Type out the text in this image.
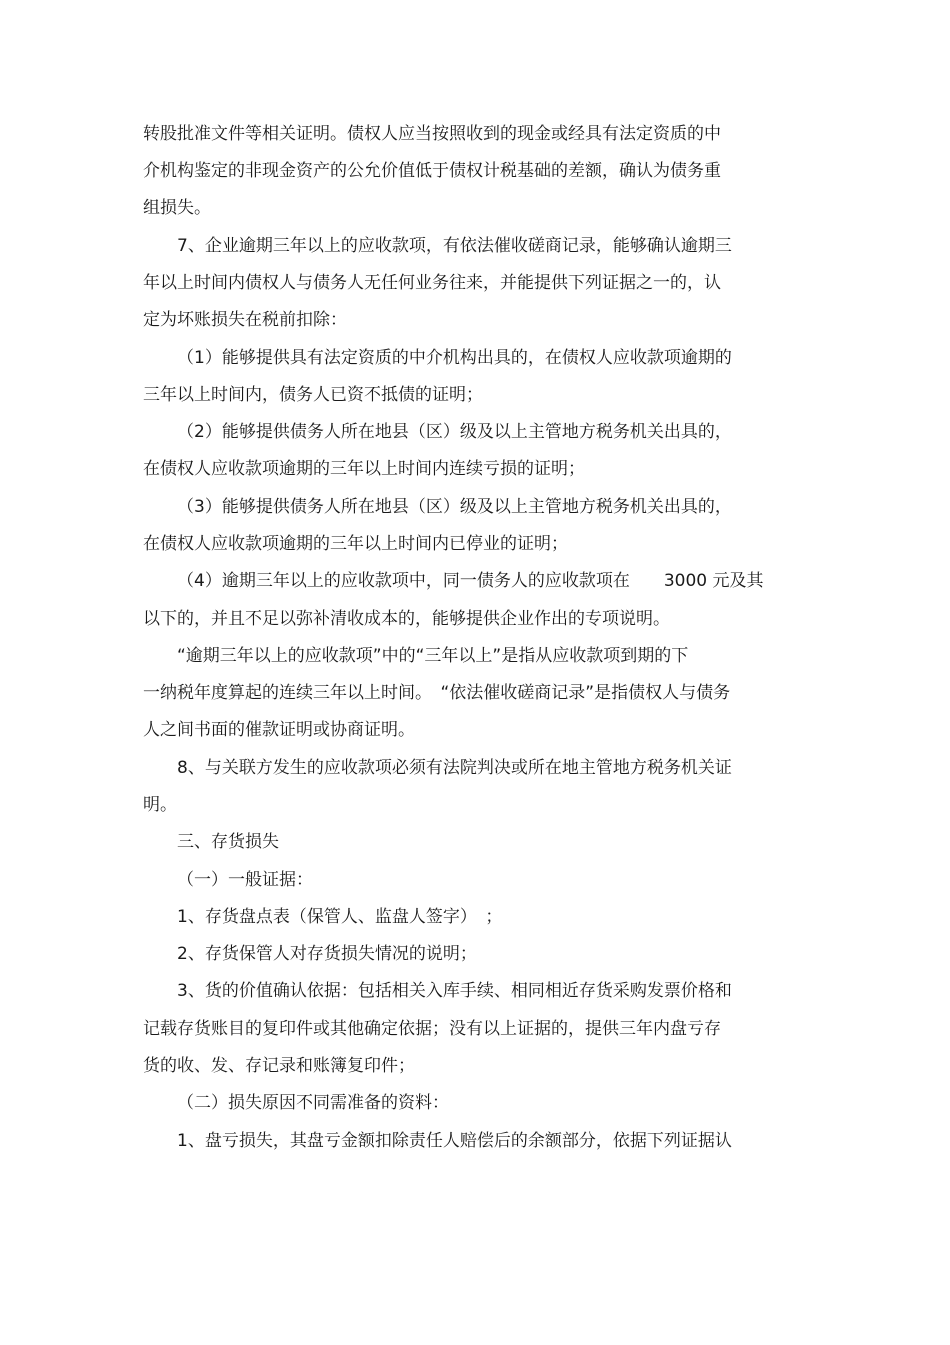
转股批准文件等相关证明。债权人应当按照收到的现金或经具有法定资质的中
介机构鉴定的非现金资产的公允价值低于债权计税基础的差额，确认为债务重
组损失。
7、企业逾期三年以上的应收款项，有依法催收磋商记录，能够确认逾期三
年以上时间内债权人与债务人无任何业务往来，并能提供下列证据之一的，认
定为坏账损失在税前扣除：
（1）能够提供具有法定资质的中介机构出具的，在债权人应收款项逾期的
三年以上时间内，债务人已资不抵债的证明；
（2）能够提供债务人所在地县（区）级及以上主管地方税务机关出具的，
在债权人应收款项逾期的三年以上时间内连续亏损的证明；
（3）能够提供债务人所在地县（区）级及以上主管地方税务机关出具的，
在债权人应收款项逾期的三年以上时间内已停业的证明；
（4）逾期三年以上的应收款项中，同一债务人的应收款项在　　3000 元及其
以下的，并且不足以弥补清收成本的，能够提供企业作出的专项说明。
“逾期三年以上的应收款项”中的“三年以上”是指从应收款项到期的下
一纳税年度算起的连续三年以上时间。　“依法催收磋商记录”是指债权人与债务
人之间书面的催款证明或协商证明。
8、与关联方发生的应收款项必须有法院判决或所在地主管地方税务机关证
明。
三、存货损失
（一）一般证据：
1、存货盘点表（保管人、监盘人签字）　；
2、存货保管人对存货损失情况的说明；
3、货的价值确认依据：包括相关入库手续、相同相近存货采购发票价格和
记载存货账目的复印件或其他确定依据；没有以上证据的，提供三年内盘亏存
货的收、发、存记录和账簿复印件；
（二）损失原因不同需准备的资料：
1、盘亏损失，其盘亏金额扣除责任人赔偿后的余额部分，依据下列证据认
